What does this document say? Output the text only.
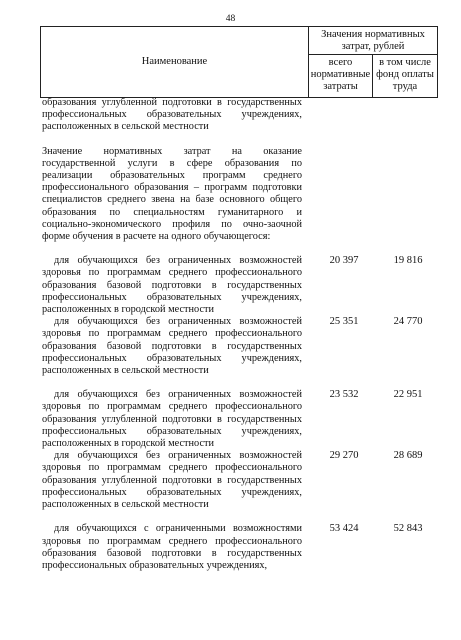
48
Наименование
Значения нормативных затрат, рублей
всего нормативные затраты
в том числе фонд оплаты труда
образования углубленной подготовки в государственных профессиональных образовательных учреждениях, расположенных в сельской местности
Значение нормативных затрат на оказание государственной услуги в сфере образования по реализации образовательных программ среднего профессионального образования – программ подготовки специалистов среднего звена на базе основного общего образования по специальностям гуманитарного и социально-экономического профиля по очно-заочной форме обучения в расчете на одного обучающегося:
для обучающихся без ограниченных возможностей здоровья по программам среднего профессионального образования базовой подготовки в государственных профессиональных образовательных учреждениях, расположенных в городской местности
20 397	19 816
для обучающихся без ограниченных возможностей здоровья по программам среднего профессионального образования базовой подготовки в государственных профессиональных образовательных учреждениях, расположенных в сельской местности
25 351	24 770
для обучающихся без ограниченных возможностей здоровья по программам среднего профессионального образования углубленной подготовки в государственных профессиональных образовательных учреждениях, расположенных в городской местности
23 532	22 951
для обучающихся без ограниченных возможностей здоровья по программам среднего профессионального образования углубленной подготовки в государственных профессиональных образовательных учреждениях, расположенных в сельской местности
29 270	28 689
для обучающихся с ограниченными возможностями здоровья по программам среднего профессионального образования базовой подготовки в государственных профессиональных образовательных учреждениях,
53 424	52 843
